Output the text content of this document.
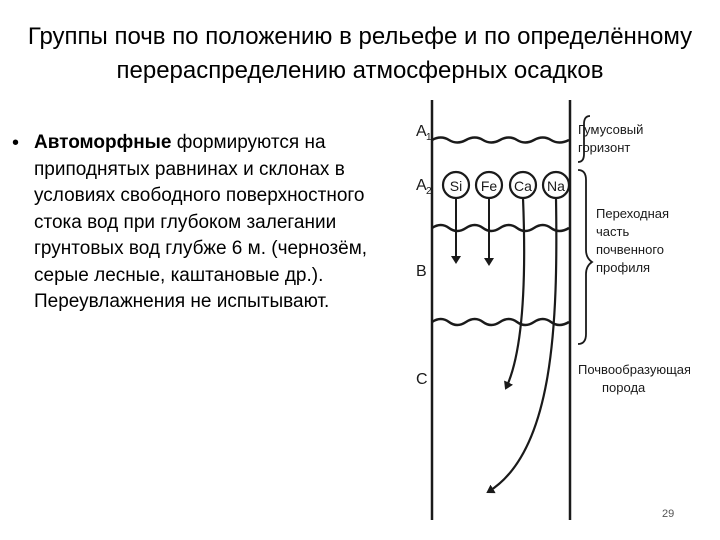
Группы почв по положению в рельефе и по определённому
перераспределению атмосферных осадков
• Автоморфные формируются на приподнятых равнинах и склонах в условиях свободного поверхностного стока вод при глубоком залегании грунтовых вод глубже 6 м. (чернозём, серые лесные, каштановые др.). Переувлажнения не испытывают.
A 1
A 2
B
C
Si Fe Ca Na
Гумусовый
горизонт
Переходная
часть
почвенного
профиля
Почвообразующая
порода
29
